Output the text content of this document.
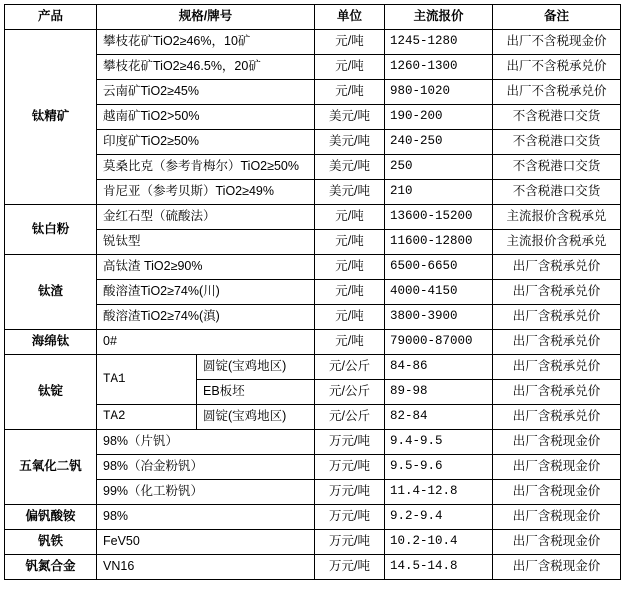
产品	规格/牌号		单位	主流报价	备注
钛精矿	攀枝花矿TiO2≥46%，10矿		元/吨	1245-1280	出厂不含税现金价
	攀枝花矿TiO2≥46.5%，20矿		元/吨	1260-1300	出厂不含税承兑价
	云南矿TiO2≥45%		元/吨	980-1020	出厂不含税承兑价
	越南矿TiO2>50%		美元/吨	190-200	不含税港口交货
	印度矿TiO2≥50%		美元/吨	240-250	不含税港口交货
	莫桑比克（参考肯梅尔）TiO2≥50%		美元/吨	250	不含税港口交货
	肯尼亚（参考贝斯）TiO2≥49%		美元/吨	210	不含税港口交货
钛白粉	金红石型（硫酸法）		元/吨	13600-15200	主流报价含税承兑
	锐钛型		元/吨	11600-12800	主流报价含税承兑
钛渣	高钛渣 TiO2≥90%		元/吨	6500-6650	出厂含税承兑价
	酸溶渣TiO2≥74%(川)		元/吨	4000-4150	出厂含税承兑价
	酸溶渣TiO2≥74%(滇)		元/吨	3800-3900	出厂含税承兑价
海绵钛	0#		元/吨	79000-87000	出厂含税承兑价
钛锭	TA1	圆锭(宝鸡地区)	元/公斤	84-86	出厂含税承兑价
		EB板坯	元/公斤	89-98	出厂含税承兑价
	TA2	圆锭(宝鸡地区)	元/公斤	82-84	出厂含税承兑价
五氧化二钒	98%（片钒）		万元/吨	9.4-9.5	出厂含税现金价
	98%（冶金粉钒）		万元/吨	9.5-9.6	出厂含税现金价
	99%（化工粉钒）		万元/吨	11.4-12.8	出厂含税现金价
偏钒酸铵	98%		万元/吨	9.2-9.4	出厂含税现金价
钒铁	FeV50		万元/吨	10.2-10.4	出厂含税现金价
钒氮合金	VN16		万元/吨	14.5-14.8	出厂含税现金价
